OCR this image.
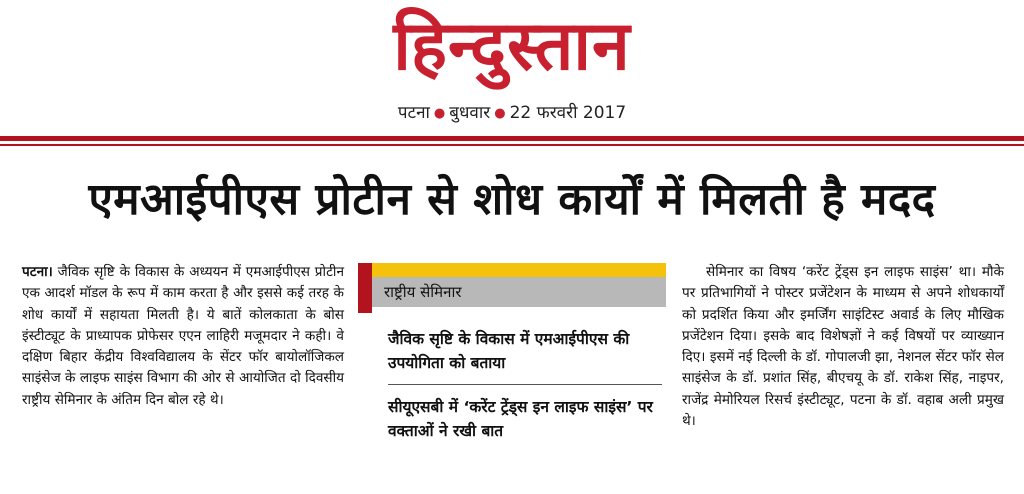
हिन्दुस्तान
पटना ● बुधवार ● 22 फरवरी 2017
एमआईपीएस प्रोटीन से शोध कार्यों में मिलती है मदद

पटना। जैविक सृष्टि के विकास के अध्ययन में एमआईपीएस प्रोटीन एक आदर्श मॉडल के रूप में काम करता है और इससे कई तरह के शोध कार्यों में सहायता मिलती है। ये बातें कोलकाता के बोस इंस्टीट्यूट के प्राध्यापक प्रोफेसर एएन लाहिरी मजूमदार ने कही। वे दक्षिण बिहार केंद्रीय विश्वविद्यालय के सेंटर फॉर बायोलॉजिकल साइंसेज के लाइफ साइंस विभाग की ओर से आयोजित दो दिवसीय राष्ट्रीय सेमिनार के अंतिम दिन बोल रहे थे।

राष्ट्रीय सेमिनार
जैविक सृष्टि के विकास में एमआईपीएस की उपयोगिता को बताया
सीयूएसबी में ‘करेंट ट्रेंड्स इन लाइफ साइंस’ पर वक्ताओं ने रखी बात

सेमिनार का विषय ‘करेंट ट्रेंड्स इन लाइफ साइंस’ था। मौके पर प्रतिभागियों ने पोस्टर प्रजेंटेशन के माध्यम से अपने शोधकार्यों को प्रदर्शित किया और इमर्जिंग साइंटिस्ट अवार्ड के लिए मौखिक प्रजेंटेशन दिया। इसके बाद विशेषज्ञों ने कई विषयों पर व्याख्यान दिए। इसमें नई दिल्ली के डॉ. गोपालजी झा, नेशनल सेंटर फॉर सेल साइंसेज के डॉ. प्रशांत सिंह, बीएचयू के डॉ. राकेश सिंह, नाइपर, राजेंद्र मेमोरियल रिसर्च इंस्टीट्यूट, पटना के डॉ. वहाब अली प्रमुख थे।
